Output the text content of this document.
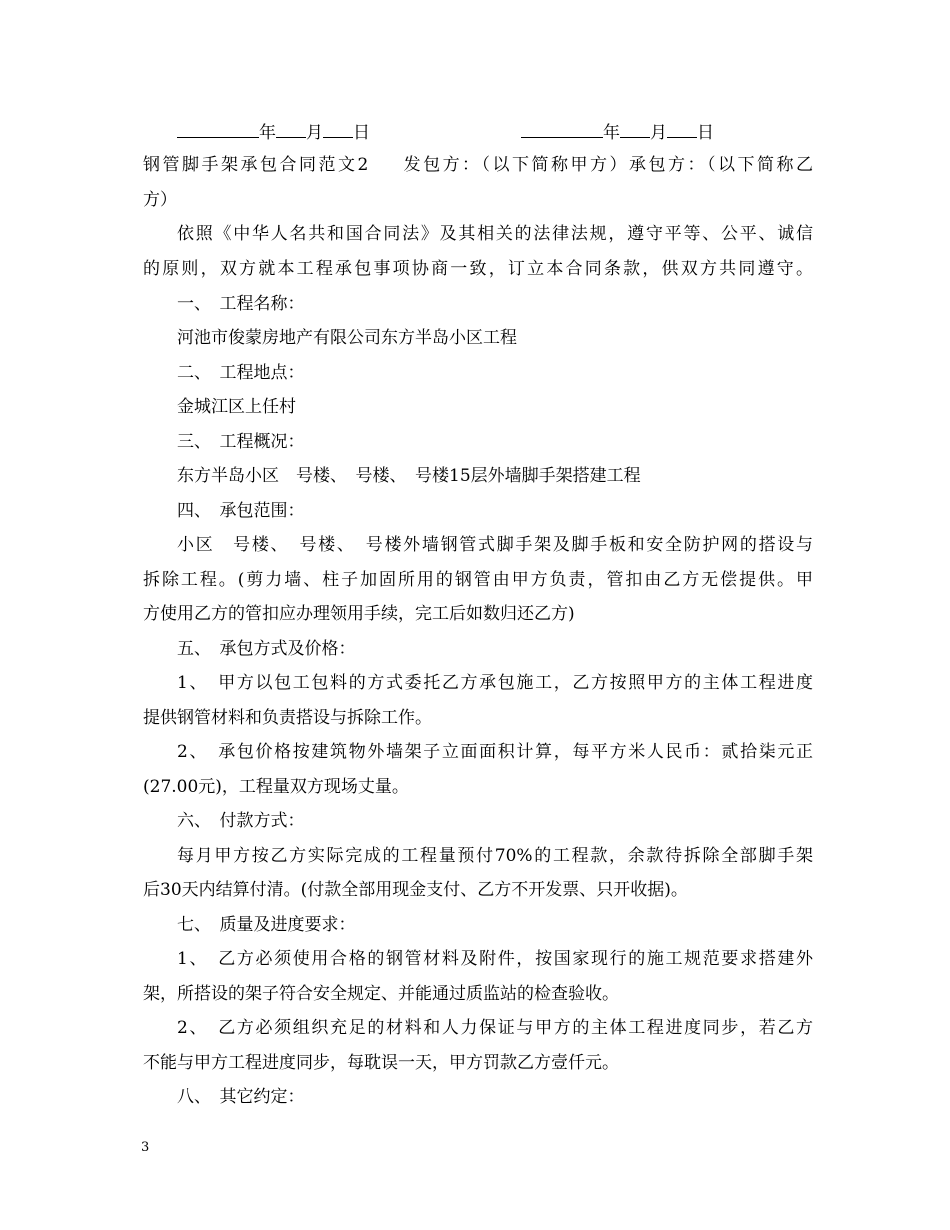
年 月 日	年 月 日
钢管脚手架承包合同范文2 　 发包方：（以下简称甲方）承包方：（以下简称乙
方）
依照《中华人名共和国合同法》及其相关的法律法规，遵守平等、公平、诚信
的原则，双方就本工程承包事项协商一致，订立本合同条款，供双方共同遵守。
一、　工程名称：
河池市俊蒙房地产有限公司东方半岛小区工程
二、　工程地点：
金城江区上任村
三、　工程概况：
东方半岛小区　号楼、　号楼、　号楼15层外墙脚手架搭建工程
四、　承包范围：
小区　号楼、　号楼、　号楼外墙钢管式脚手架及脚手板和安全防护网的搭设与
拆除工程。(剪力墙、柱子加固所用的钢管由甲方负责，管扣由乙方无偿提供。甲
方使用乙方的管扣应办理领用手续，完工后如数归还乙方)
五、　承包方式及价格：
1、　甲方以包工包料的方式委托乙方承包施工，乙方按照甲方的主体工程进度
提供钢管材料和负责搭设与拆除工作。
2、　承包价格按建筑物外墙架子立面面积计算，每平方米人民币：贰拾柒元正
(27.00元)，工程量双方现场丈量。
六、　付款方式：
每月甲方按乙方实际完成的工程量预付70%的工程款，余款待拆除全部脚手架
后30天内结算付清。(付款全部用现金支付、乙方不开发票、只开收据)。
七、　质量及进度要求：
1、　乙方必须使用合格的钢管材料及附件，按国家现行的施工规范要求搭建外
架，所搭设的架子符合安全规定、并能通过质监站的检查验收。
2、　乙方必须组织充足的材料和人力保证与甲方的主体工程进度同步，若乙方
不能与甲方工程进度同步，每耽误一天，甲方罚款乙方壹仟元。
八、　其它约定：
3
